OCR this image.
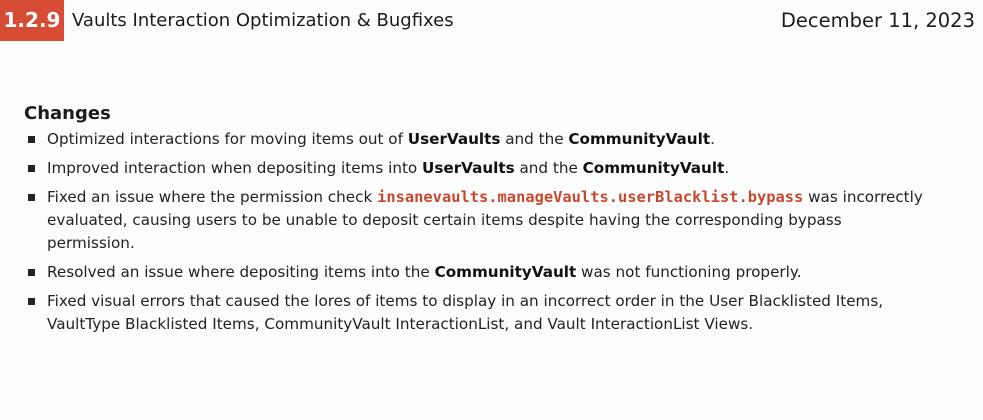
1.2.9 Vaults Interaction Optimization & Bugfixes	December 11, 2023
Changes
Optimized interactions for moving items out of UserVaults and the CommunityVault.
Improved interaction when depositing items into UserVaults and the CommunityVault.
Fixed an issue where the permission check insanevaults.manageVaults.userBlacklist.bypass was incorrectly evaluated, causing users to be unable to deposit certain items despite having the corresponding bypass permission.
Resolved an issue where depositing items into the CommunityVault was not functioning properly.
Fixed visual errors that caused the lores of items to display in an incorrect order in the User Blacklisted Items, VaultType Blacklisted Items, CommunityVault InteractionList, and Vault InteractionList Views.
